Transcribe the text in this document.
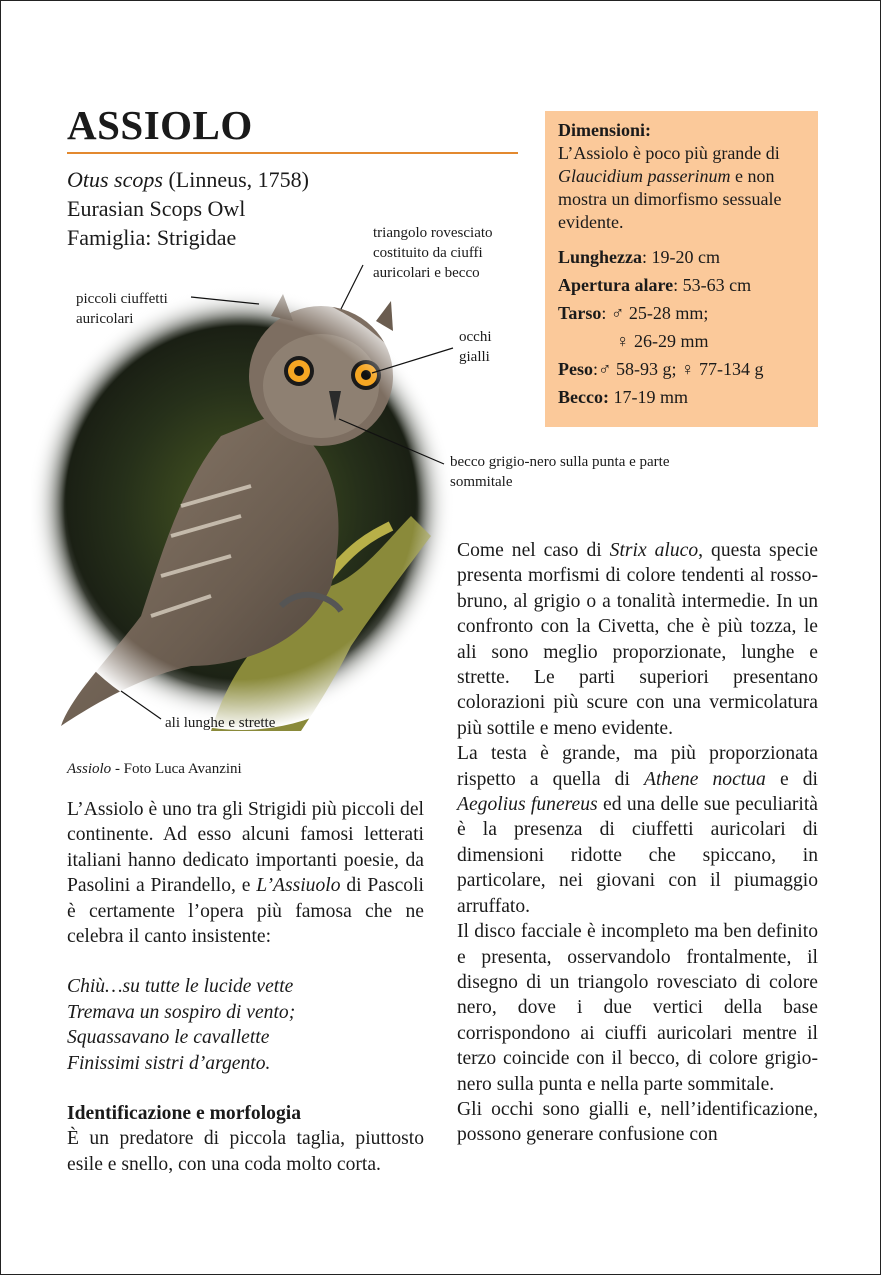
ASSIOLO
Otus scops (Linneus, 1758)
Eurasian Scops Owl
Famiglia: Strigidae
Dimensioni:
L’Assiolo è poco più grande di Glaucidium passerinum e non mostra un dimorfismo sessuale evidente.
Lunghezza: 19-20 cm
Apertura alare: 53-63 cm
Tarso: ♂ 25-28 mm;
♀ 26-29 mm
Peso:♂ 58-93 g; ♀ 77-134 g
Becco: 17-19 mm
piccoli ciuffetti auricolari
triangolo rovesciato costituito da ciuffi auricolari e becco
occhi gialli
becco grigio-nero sulla punta e parte sommitale
ali lunghe e strette
Assiolo - Foto Luca Avanzini

L’Assiolo è uno tra gli Strigidi più piccoli del continente. Ad esso alcuni famosi letterati italiani hanno dedicato importanti poesie, da Pasolini a Pirandello, e L’Assiuolo di Pascoli è certamente l’opera più famosa che ne celebra il canto insistente:

Chiù…su tutte le lucide vette
Tremava un sospiro di vento;
Squassavano le cavallette
Finissimi sistri d’argento.

Identificazione e morfologia

È un predatore di piccola taglia, piuttosto esile e snello, con una coda molto corta.

Come nel caso di Strix aluco, questa specie presenta morfismi di colore tendenti al rosso-bruno, al grigio o a tonalità intermedie. In un confronto con la Civetta, che è più tozza, le ali sono meglio proporzionate, lunghe e strette. Le parti superiori presentano colorazioni più scure con una vermicolatura più sottile e meno evidente.

La testa è grande, ma più proporzionata rispetto a quella di Athene noctua e di Aegolius funereus ed una delle sue peculiarità è la presenza di ciuffetti auricolari di dimensioni ridotte che spiccano, in particolare, nei giovani con il piumaggio arruffato.

Il disco facciale è incompleto ma ben definito e presenta, osservandolo frontalmente, il disegno di un triangolo rovesciato di colore nero, dove i due vertici della base corrispondono ai ciuffi auricolari mentre il terzo coincide con il becco, di colore grigio-nero sulla punta e nella parte sommitale.

Gli occhi sono gialli e, nell’identificazione, possono generare confusione con
